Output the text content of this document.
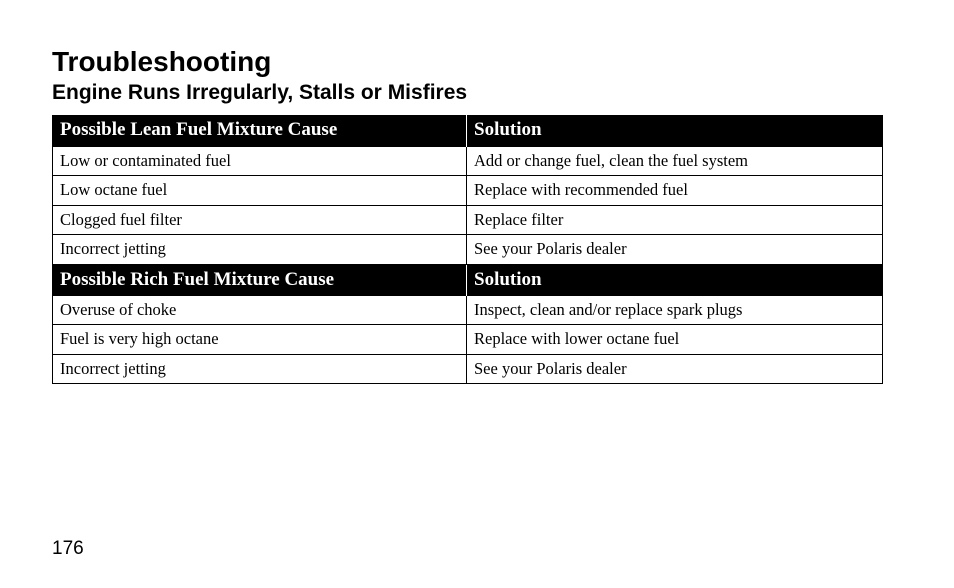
Troubleshooting
Engine Runs Irregularly, Stalls or Misfires
Possible Lean Fuel Mixture Cause	Solution
Low or contaminated fuel	Add or change fuel, clean the fuel system
Low octane fuel	Replace with recommended fuel
Clogged fuel filter	Replace filter
Incorrect jetting	See your Polaris dealer
Possible Rich Fuel Mixture Cause	Solution
Overuse of choke	Inspect, clean and/or replace spark plugs
Fuel is very high octane	Replace with lower octane fuel
Incorrect jetting	See your Polaris dealer

176
